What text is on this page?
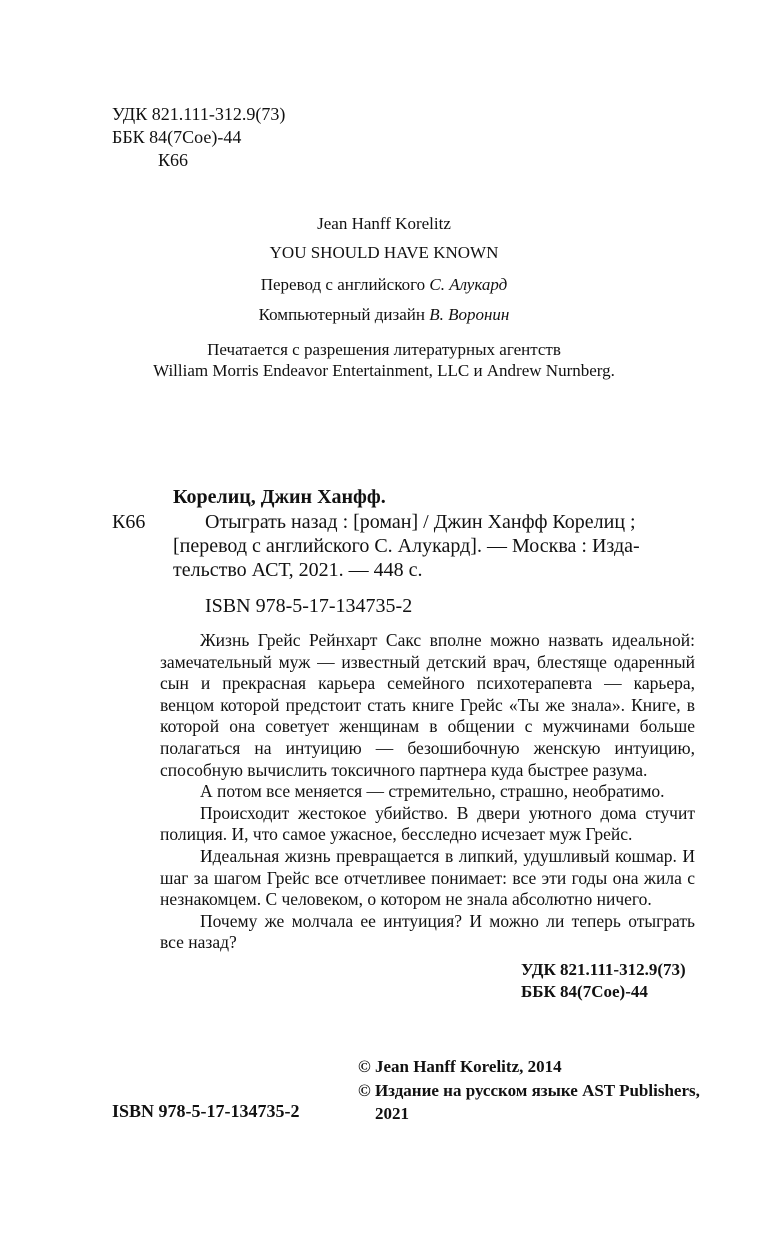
УДК 821.111-312.9(73)
ББК 84(7Сое)-44
К66
Jean Hanff Korelitz
YOU SHOULD HAVE KNOWN
Перевод с английского С. Алукард
Компьютерный дизайн В. Воронин
Печатается с разрешения литературных агентств
William Morris Endeavor Entertainment, LLC и Andrew Nurnberg.
Корелиц, Джин Ханфф.
К66	Отыграть назад : [роман] / Джин Ханфф Корелиц ;
[перевод с английского С. Алукард]. — Москва : Изда-
тельство АСТ, 2021. — 448 с.
ISBN 978-5-17-134735-2

Жизнь Грейс Рейнхарт Сакс вполне можно назвать идеальной: замечательный муж — известный детский врач, блестяще одаренный сын и прекрасная карьера семейного психотерапевта — карьера, венцом которой предстоит стать книге Грейс «Ты же знала». Книге, в которой она советует женщинам в общении с мужчинами больше полагаться на интуицию — безошибочную женскую интуицию, способную вычислить токсичного партнера куда быстрее разума.

А потом все меняется — стремительно, страшно, необратимо.

Происходит жестокое убийство. В двери уютного дома стучит полиция. И, что самое ужасное, бесследно исчезает муж Грейс.

Идеальная жизнь превращается в липкий, удушливый кошмар. И шаг за шагом Грейс все отчетливее понимает: все эти годы она жила с незнакомцем. С человеком, о котором не знала абсолютно ничего.

Почему же молчала ее интуиция? И можно ли теперь отыграть все назад?

УДК 821.111-312.9(73)
ББК 84(7Сое)-44
© Jean Hanff Korelitz, 2014
© Издание на русском языке AST Publishers,
2021
ISBN 978-5-17-134735-2
